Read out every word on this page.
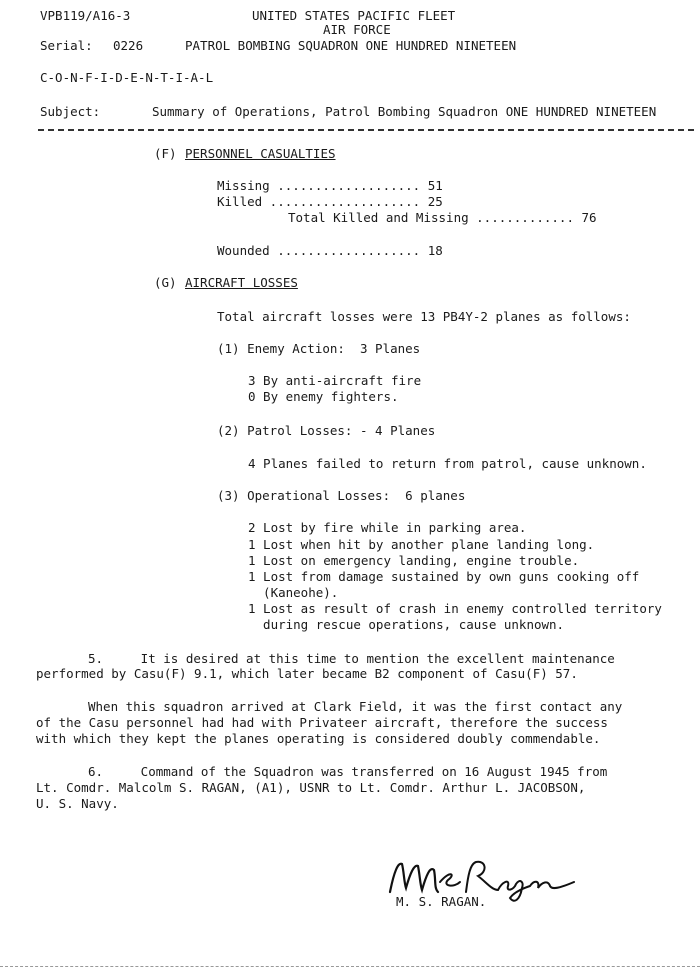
VPB119/A16-3	UNITED STATES PACIFIC FLEET
AIR FORCE
Serial: 0226	PATROL BOMBING SQUADRON ONE HUNDRED NINETEEN
C-O-N-F-I-D-E-N-T-I-A-L
Subject:	Summary of Operations, Patrol Bombing Squadron ONE HUNDRED NINETEEN
(F) PERSONNEL CASUALTIES
Missing ................... 51
Killed .................... 25
Total Killed and Missing ............. 76
Wounded ................... 18
(G) AIRCRAFT LOSSES
Total aircraft losses were 13 PB4Y-2 planes as follows:
(1) Enemy Action:  3 Planes
3 By anti-aircraft fire
0 By enemy fighters.
(2) Patrol Losses: - 4 Planes
4 Planes failed to return from patrol, cause unknown.
(3) Operational Losses:  6 planes
2 Lost by fire while in parking area.
1 Lost when hit by another plane landing long.
1 Lost on emergency landing, engine trouble.
1 Lost from damage sustained by own guns cooking off
(Kaneohe).
1 Lost as result of crash in enemy controlled territory
during rescue operations, cause unknown.
5.     It is desired at this time to mention the excellent maintenance
performed by Casu(F) 9.1, which later became B2 component of Casu(F) 57.
When this squadron arrived at Clark Field, it was the first contact any
of the Casu personnel had had with Privateer aircraft, therefore the success
with which they kept the planes operating is considered doubly commendable.
6.     Command of the Squadron was transferred on 16 August 1945 from
Lt. Comdr. Malcolm S. RAGAN, (A1), USNR to Lt. Comdr. Arthur L. JACOBSON,
U. S. Navy.
M. S. RAGAN.
